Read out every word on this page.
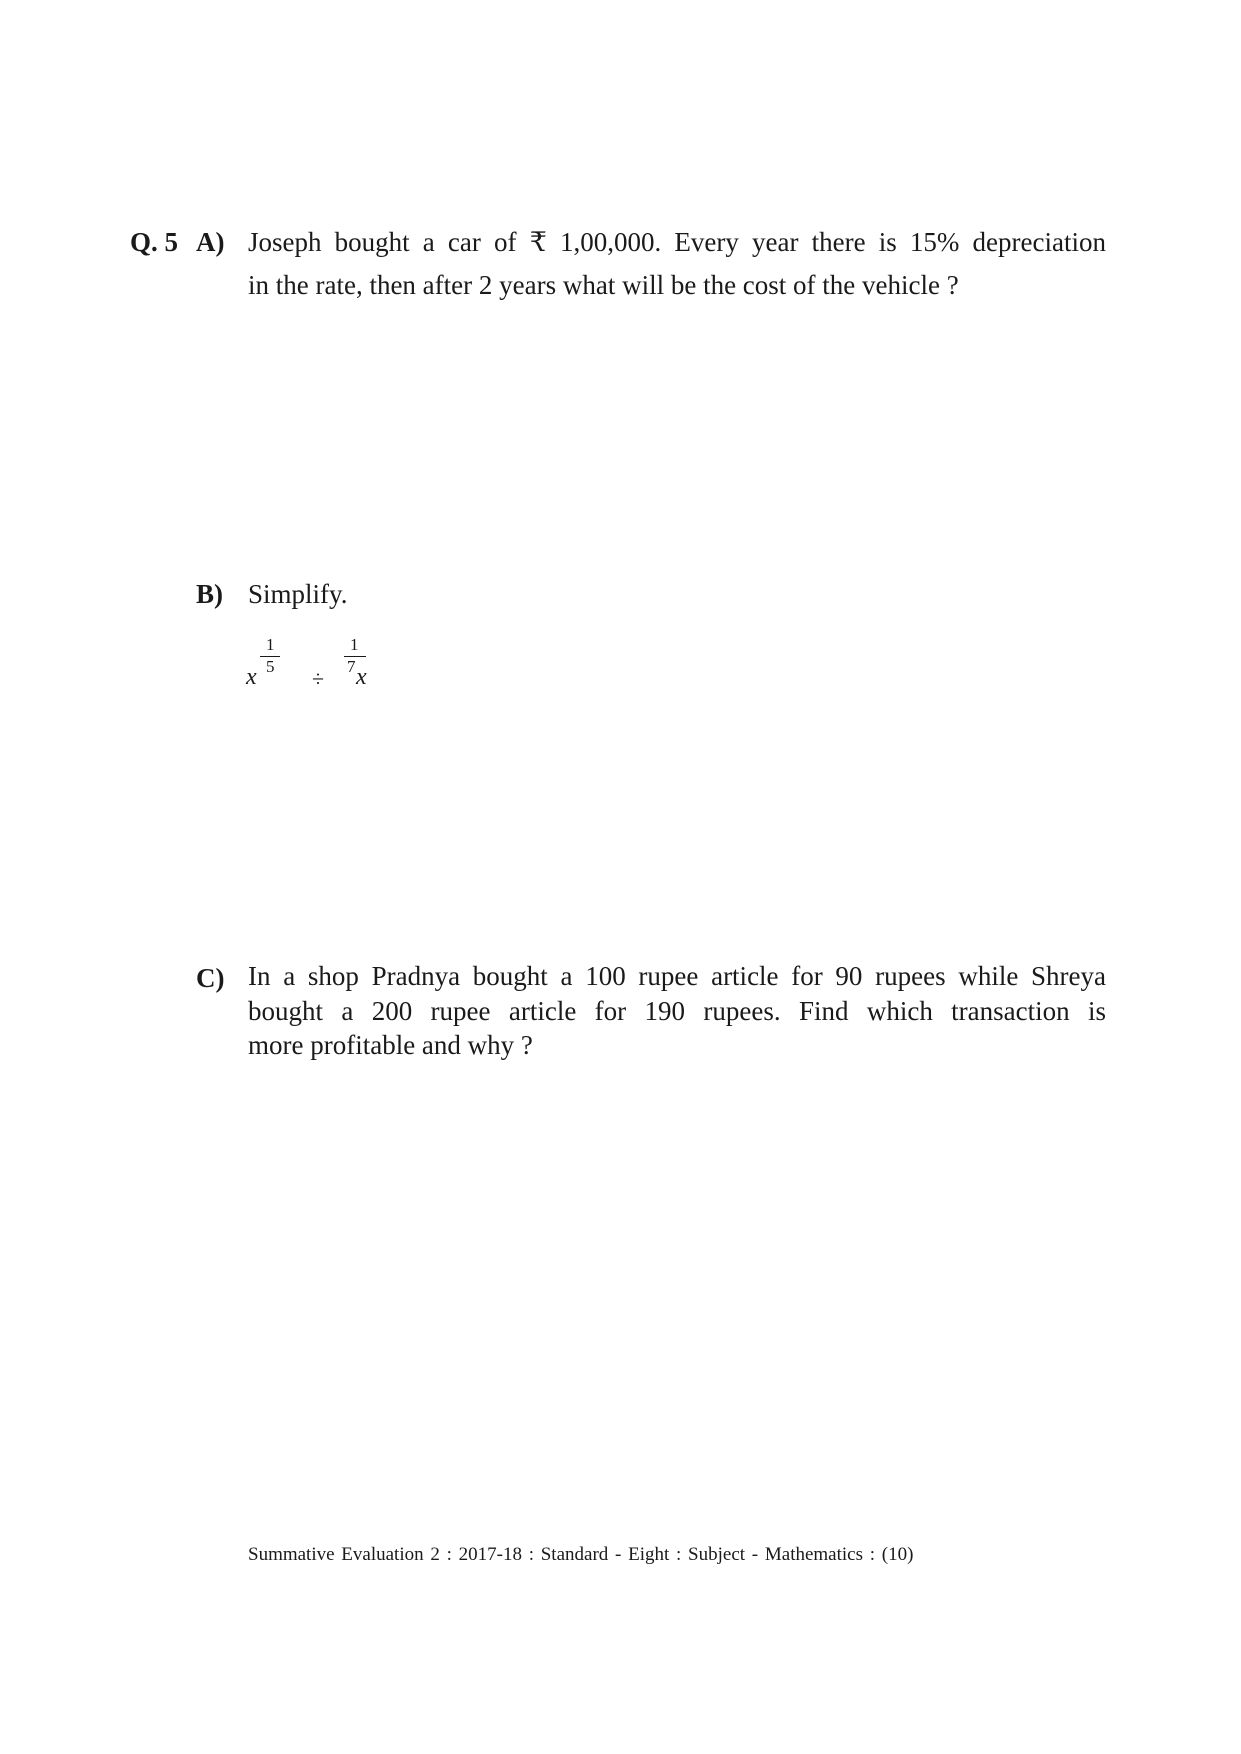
Q. 5 A) Joseph bought a car of ₹ 1,00,000. Every year there is 15% depreciation
in the rate, then after 2 years what will be the cost of the vehicle ?
B) Simplify.
x
1
5 ÷
1
7 x
C) In a shop Pradnya bought a 100 rupee article for 90 rupees while Shreya
bought a 200 rupee article for 190 rupees. Find which transaction is
more profitable and why ?
Summative Evaluation 2 : 2017-18 : Standard - Eight : Subject - Mathematics : (10)
